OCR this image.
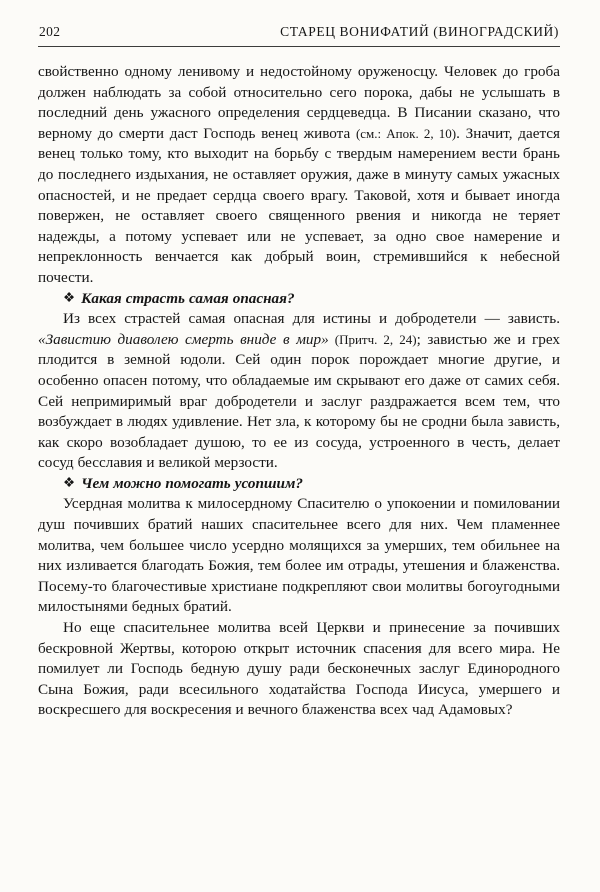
202	СТАРЕЦ ВОНИФАТИЙ (ВИНОГРАДСКИЙ)

свойственно одному ленивому и недостойному оруженосцу. Человек до гроба должен наблюдать за собой относительно сего порока, дабы не услышать в последний день ужасного определения сердцеведца. В Писании сказано, что верному до смерти даст Господь венец живота (см.: Апок. 2, 10). Значит, дается венец только тому, кто выходит на борьбу с твердым намерением вести брань до последнего издыхания, не оставляет оружия, даже в минуту самых ужасных опасностей, и не предает сердца своего врагу. Таковой, хотя и бывает иногда повержен, не оставляет своего священного рвения и никогда не теряет надежды, а потому успевает или не успевает, за одно свое намерение и непреклонность венчается как добрый воин, стремившийся к небесной почести.

❖ Какая страсть самая опасная?

Из всех страстей самая опасная для истины и добродетели — зависть. «Завистию диаволею смерть вниде в мир» (Притч. 2, 24); завистью же и грех плодится в земной юдоли. Сей один порок порождает многие другие, и особенно опасен потому, что обладаемые им скрывают его даже от самих себя. Сей непримиримый враг добродетели и заслуг раздражается всем тем, что возбуждает в людях удивление. Нет зла, к которому бы не сродни была зависть, как скоро возобладает душою, то ее из сосуда, устроенного в честь, делает сосуд бесславия и великой мерзости.

❖ Чем можно помогать усопшим?

Усердная молитва к милосердному Спасителю о упокоении и помиловании душ почивших братий наших спасительнее всего для них. Чем пламеннее молитва, чем большее число усердно молящихся за умерших, тем обильнее на них изливается благодать Божия, тем более им отрады, утешения и блаженства. Посему-то благочестивые христиане подкрепляют свои молитвы богоугодными милостынями бедных братий.

Но еще спасительнее молитва всей Церкви и принесение за почивших бескровной Жертвы, которою открыт источник спасения для всего мира. Не помилует ли Господь бедную душу ради бесконечных заслуг Единородного Сына Божия, ради всесильного ходатайства Господа Иисуса, умершего и воскресшего для воскресения и вечного блаженства всех чад Адамовых?
